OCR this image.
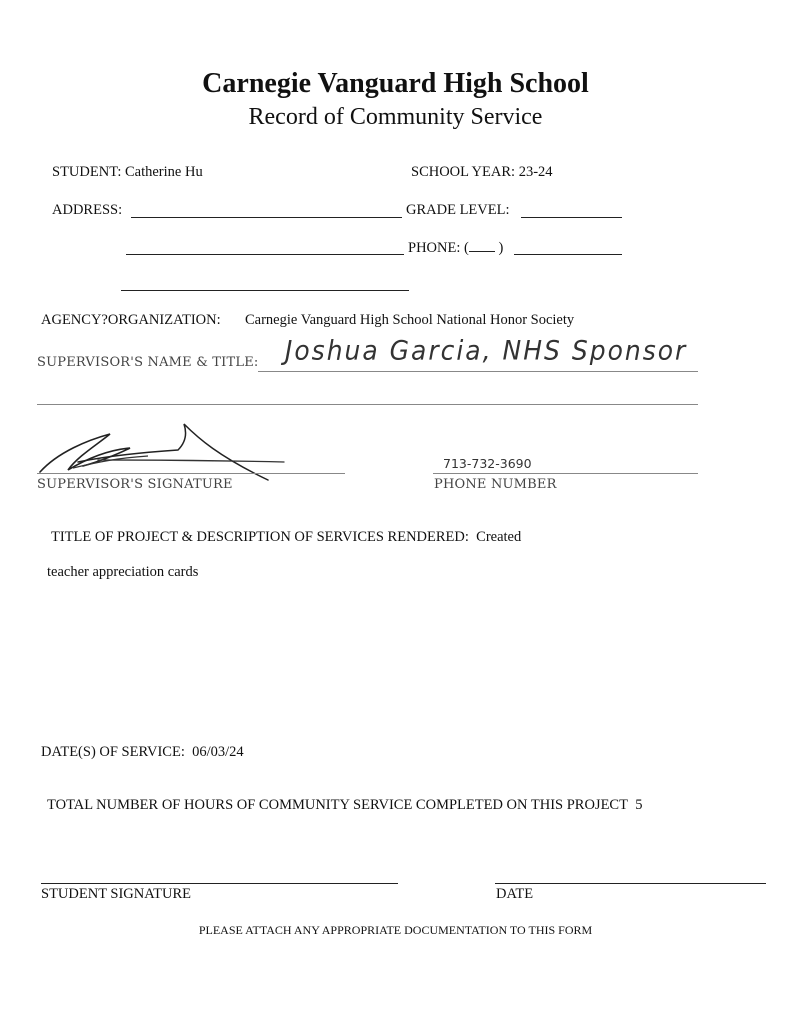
Carnegie Vanguard High School
Record of Community Service
STUDENT: Catherine Hu	SCHOOL YEAR: 23-24
ADDRESS:	GRADE LEVEL:
PHONE: ( )
AGENCY?ORGANIZATION: Carnegie Vanguard High School National Honor Society
SUPERVISOR'S NAME & TITLE: Joshua Garcia, NHS Sponsor
SUPERVISOR'S SIGNATURE
713-732-3690
PHONE NUMBER
TITLE OF PROJECT & DESCRIPTION OF SERVICES RENDERED: Created
teacher appreciation cards
DATE(S) OF SERVICE: 06/03/24
TOTAL NUMBER OF HOURS OF COMMUNITY SERVICE COMPLETED ON THIS PROJECT 5
STUDENT SIGNATURE	DATE
PLEASE ATTACH ANY APPROPRIATE DOCUMENTATION TO THIS FORM
